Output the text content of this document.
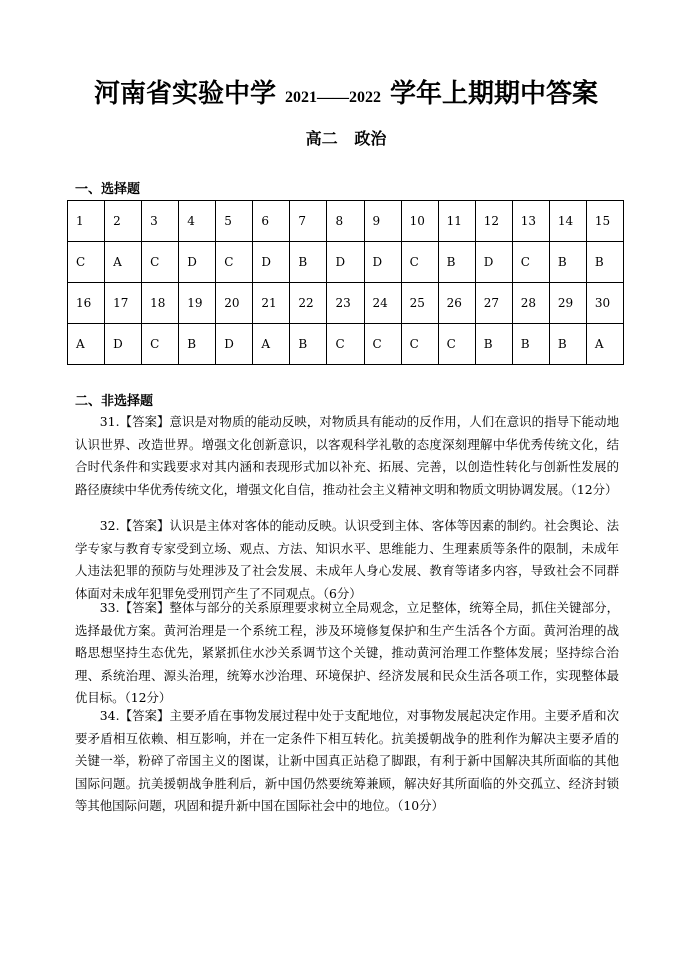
河南省实验中学 2021——2022 学年上期期中答案
高二   政治
一、选择题
1	2	3	4	5	6	7	8	9	10	11	12	13	14	15
C	A	C	D	C	D	B	D	D	C	B	D	C	B	B
16	17	18	19	20	21	22	23	24	25	26	27	28	29	30
A	D	C	B	D	A	B	C	C	C	C	B	B	B	A
二、非选择题
31.【答案】意识是对物质的能动反映，对物质具有能动的反作用，人们在意识的指导下能动地认识世界、改造世界。增强文化创新意识，以客观科学礼敬的态度深刻理解中华优秀传统文化，结合时代条件和实践要求对其内涵和表现形式加以补充、拓展、完善，以创造性转化与创新性发展的路径赓续中华优秀传统文化，增强文化自信，推动社会主义精神文明和物质文明协调发展。（12分）
32.【答案】认识是主体对客体的能动反映。认识受到主体、客体等因素的制约。社会舆论、法学专家与教育专家受到立场、观点、方法、知识水平、思维能力、生理素质等条件的限制，未成年人违法犯罪的预防与处理涉及了社会发展、未成年人身心发展、教育等诸多内容，导致社会不同群体面对未成年犯罪免受刑罚产生了不同观点。（6分）
33.【答案】整体与部分的关系原理要求树立全局观念，立足整体，统筹全局，抓住关键部分，选择最优方案。黄河治理是一个系统工程，涉及环境修复保护和生产生活各个方面。黄河治理的战略思想坚持生态优先，紧紧抓住水沙关系调节这个关键，推动黄河治理工作整体发展；坚持综合治理、系统治理、源头治理，统筹水沙治理、环境保护、经济发展和民众生活各项工作，实现整体最优目标。（12分）
34.【答案】主要矛盾在事物发展过程中处于支配地位，对事物发展起决定作用。主要矛盾和次要矛盾相互依赖、相互影响，并在一定条件下相互转化。抗美援朝战争的胜利作为解决主要矛盾的关键一举，粉碎了帝国主义的图谋，让新中国真正站稳了脚跟，有利于新中国解决其所面临的其他国际问题。抗美援朝战争胜利后，新中国仍然要统筹兼顾，解决好其所面临的外交孤立、经济封锁等其他国际问题，巩固和提升新中国在国际社会中的地位。（10分）
